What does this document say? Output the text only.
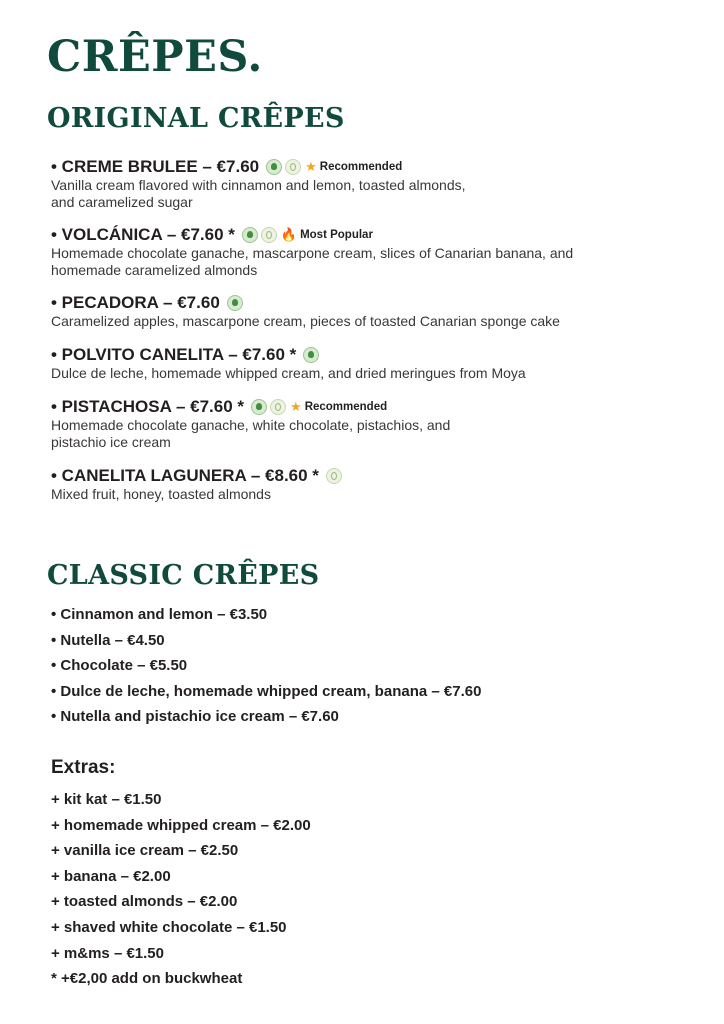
CRÊPES.
ORIGINAL CRÊPES
• CREME BRULEE – €7.60	★ Recommended
Vanilla cream flavored with cinnamon and lemon, toasted almonds,
and caramelized sugar
• VOLCÁNICA – €7.60 *	🔥 Most Popular
Homemade chocolate ganache, mascarpone cream, slices of Canarian banana, and
homemade caramelized almonds
• PECADORA – €7.60
Caramelized apples, mascarpone cream, pieces of toasted Canarian sponge cake
• POLVITO CANELITA – €7.60 *
Dulce de leche, homemade whipped cream, and dried meringues from Moya
• PISTACHOSA – €7.60 *	★ Recommended
Homemade chocolate ganache, white chocolate, pistachios, and
pistachio ice cream
• CANELITA LAGUNERA – €8.60 *
Mixed fruit, honey, toasted almonds
CLASSIC CRÊPES
• Cinnamon and lemon – €3.50
• Nutella – €4.50
• Chocolate – €5.50
• Dulce de leche, homemade whipped cream, banana – €7.60
• Nutella and pistachio ice cream – €7.60
Extras:
+ kit kat – €1.50
+ homemade whipped cream – €2.00
+ vanilla ice cream – €2.50
+ banana – €2.00
+ toasted almonds – €2.00
+ shaved white chocolate – €1.50
+ m&ms – €1.50
* +€2,00 add on buckwheat
